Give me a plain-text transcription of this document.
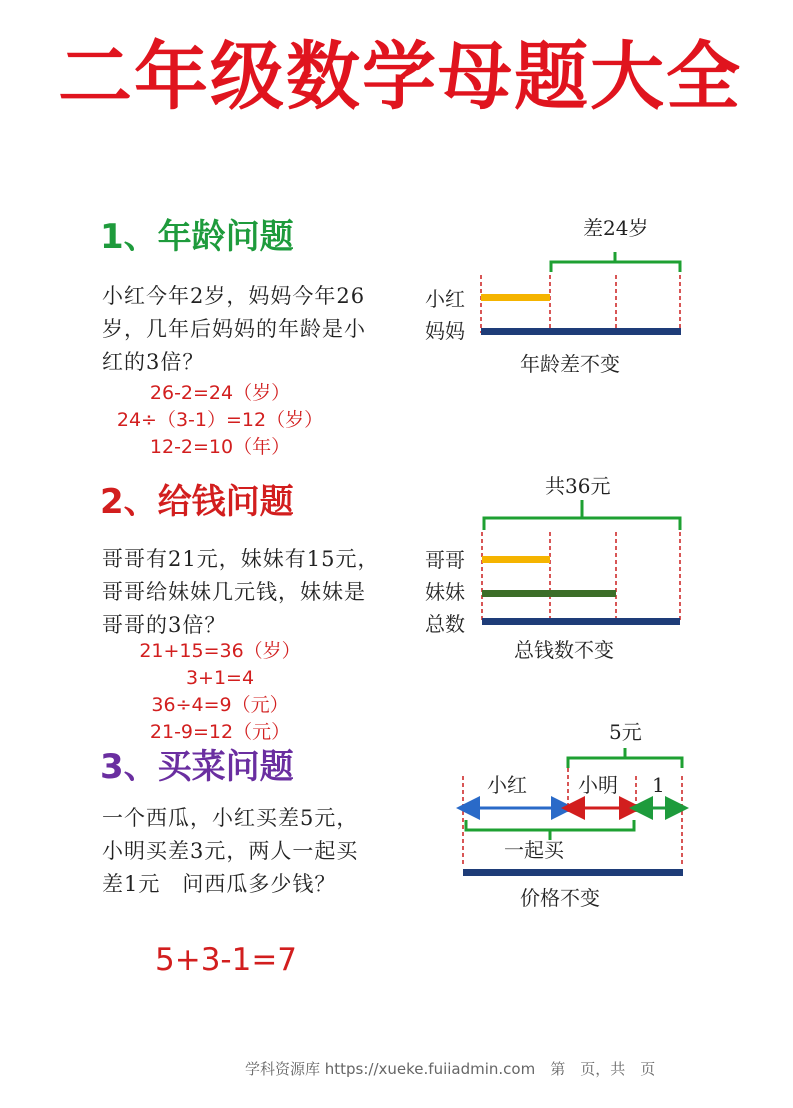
二年级数学母题大全
1、年龄问题
小红今年2岁，妈妈今年26岁，几年后妈妈的年龄是小红的3倍？
26-2=24（岁）
24÷（3-1）=12（岁）
12-2=10（年）
差24岁
小红
妈妈
年龄差不变
2、给钱问题
哥哥有21元，妹妹有15元，哥哥给妹妹几元钱，妹妹是哥哥的3倍？
21+15=36（岁）
3+1=4
36÷4=9（元）
21-9=12（元）
共36元
哥哥
妹妹
总数
总钱数不变
3、买菜问题
一个西瓜，小红买差5元，小明买差3元，两人一起买差1元　问西瓜多少钱？
5+3-1=7
5元
小红	小明 1
一起买
价格不变
学科资源库 https://xueke.fuiiadmin.com　第　页，共　页
